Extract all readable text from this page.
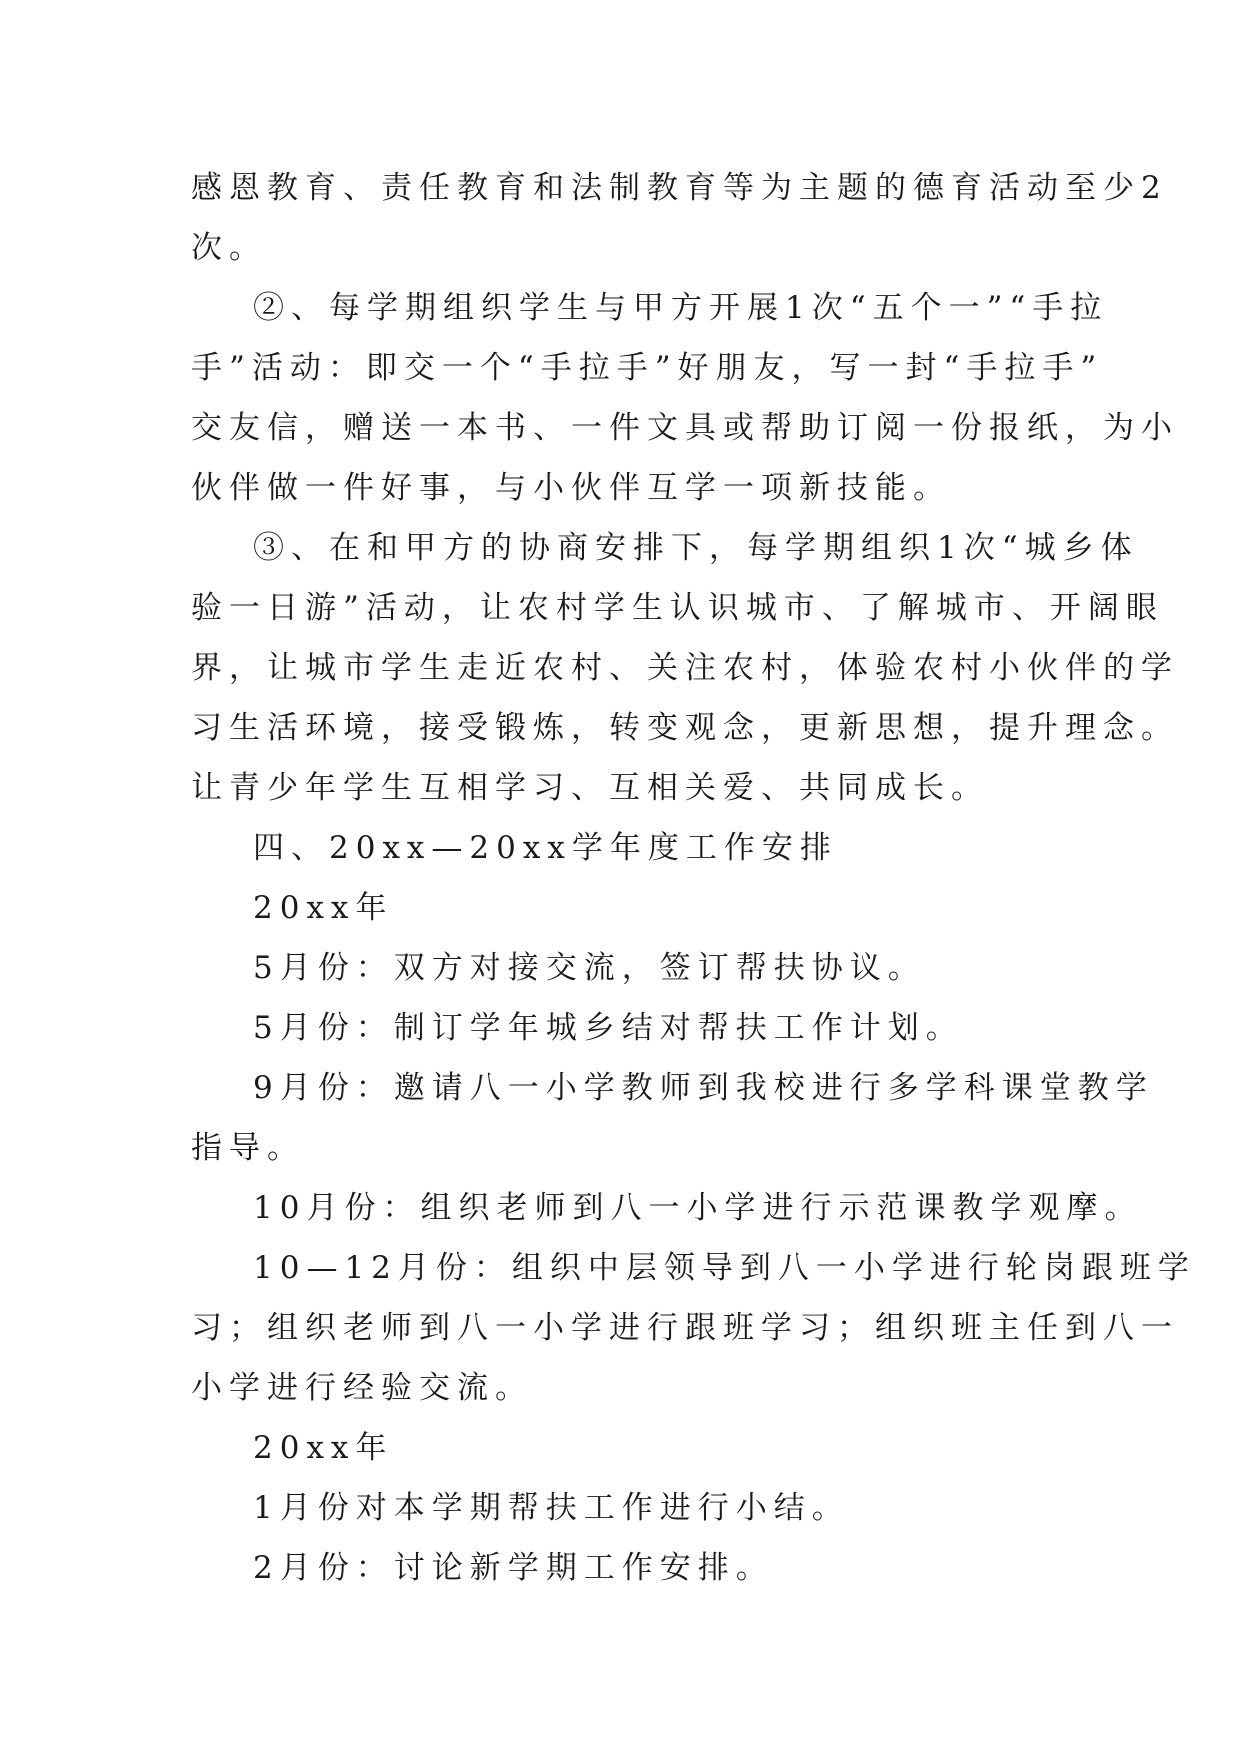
感恩教育、责任教育和法制教育等为主题的德育活动至少2
次。
②、每学期组织学生与甲方开展1次“五个一”“手拉
手”活动：即交一个“手拉手”好朋友，写一封“手拉手”
交友信，赠送一本书、一件文具或帮助订阅一份报纸，为小
伙伴做一件好事，与小伙伴互学一项新技能。
③、在和甲方的协商安排下，每学期组织1次“城乡体
验一日游”活动，让农村学生认识城市、了解城市、开阔眼
界，让城市学生走近农村、关注农村，体验农村小伙伴的学
习生活环境，接受锻炼，转变观念，更新思想，提升理念。
让青少年学生互相学习、互相关爱、共同成长。
四、20xx—20xx学年度工作安排
20xx年
5月份：双方对接交流，签订帮扶协议。
5月份：制订学年城乡结对帮扶工作计划。
9月份：邀请八一小学教师到我校进行多学科课堂教学
指导。
10月份：组织老师到八一小学进行示范课教学观摩。
10—12月份：组织中层领导到八一小学进行轮岗跟班学
习；组织老师到八一小学进行跟班学习；组织班主任到八一
小学进行经验交流。
20xx年
1月份对本学期帮扶工作进行小结。
2月份：讨论新学期工作安排。
